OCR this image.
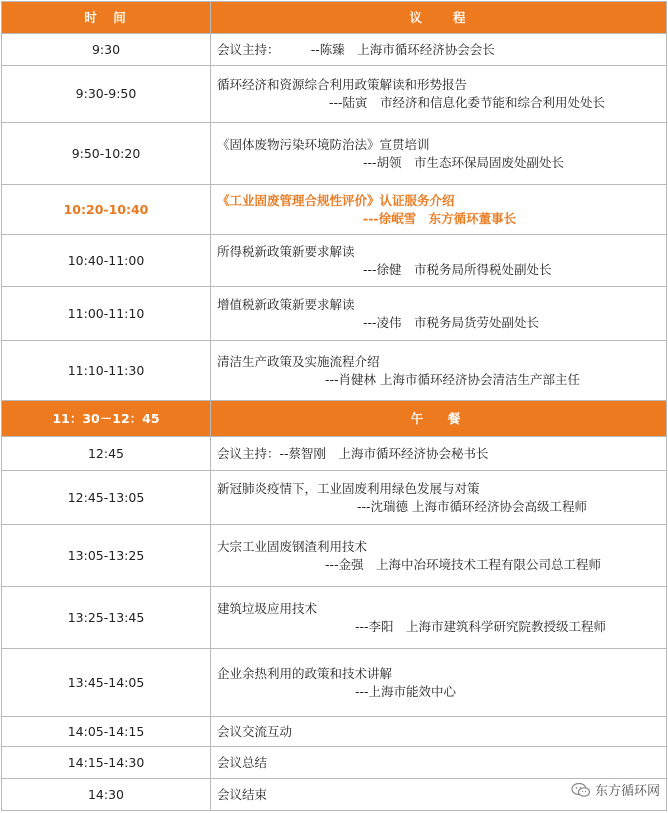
时　间	议　　程
9:30	会议主持：　　　--陈臻　上海市循环经济协会会长

9:30-9:50	循环经济和资源综合利用政策解读和形势报告
---陆寅　市经济和信息化委节能和综合利用处处长

9:50-10:20	《固体废物污染环境防治法》宣贯培训
---胡领　市生态环保局固废处副处长

10:20-10:40	《工业固废管理合规性评价》认证服务介绍
---徐岷雪　东方循环董事长

10:40-11:00	所得税新政策新要求解读
---徐健　市税务局所得税处副处长

11:00-11:10	增值税新政策新要求解读
---凌伟　市税务局货劳处副处长

11:10-11:30	清洁生产政策及实施流程介绍
---肖健林 上海市循环经济协会清洁生产部主任

11：30－12：45	午　餐
12:45	会议主持：--蔡智刚　上海市循环经济协会秘书长

12:45-13:05	新冠肺炎疫情下，工业固废利用绿色发展与对策
---沈瑞德 上海市循环经济协会高级工程师

13:05-13:25	大宗工业固废钢渣利用技术
---金强　上海中冶环境技术工程有限公司总工程师

13:25-13:45	建筑垃圾应用技术
---李阳　上海市建筑科学研究院教授级工程师

13:45-14:05	企业余热利用的政策和技术讲解
---上海市能效中心

14:05-14:15	会议交流互动

14:15-14:30	会议总结

14:30	会议结束	东方循环网
